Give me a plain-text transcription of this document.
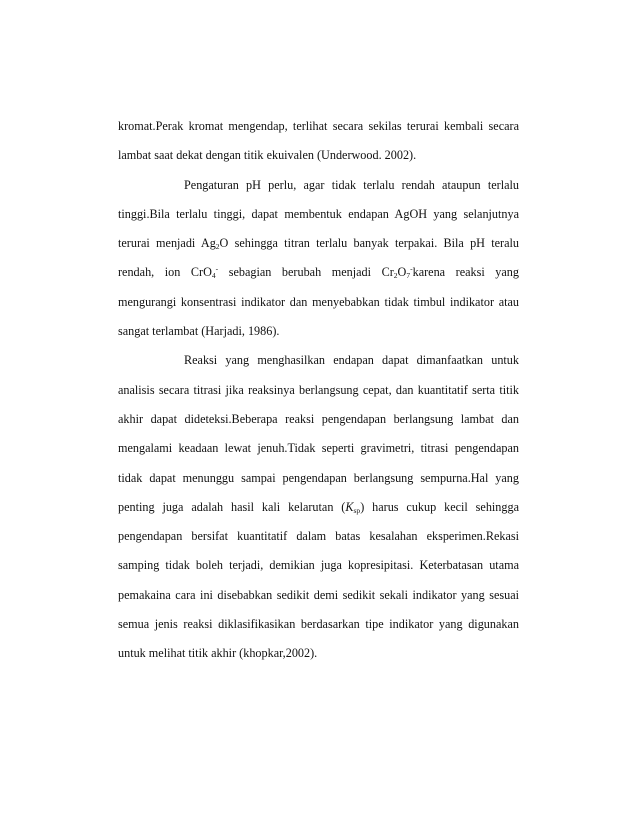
kromat.Perak kromat mengendap, terlihat secara sekilas terurai kembali secara lambat saat dekat dengan titik ekuivalen (Underwood. 2002).

Pengaturan pH perlu, agar tidak terlalu rendah ataupun terlalu tinggi.Bila terlalu tinggi, dapat membentuk endapan AgOH yang selanjutnya terurai menjadi $Ag_2O$ sehingga titran terlalu banyak terpakai. Bila pH teralu rendah, ion CrO$_4$- sebagian berubah menjadi $Cr_2O_7^-karena$ reaksi yang mengurangi konsentrasi indikator dan menyebabkan tidak timbul indikator atau sangat terlambat (Harjadi, 1986).

Reaksi yang menghasilkan endapan dapat dimanfaatkan untuk analisis secara titrasi jika reaksinya berlangsung cepat, dan kuantitatif serta titik akhir dapat dideteksi.Beberapa reaksi pengendapan berlangsung lambat dan mengalami keadaan lewat jenuh.Tidak seperti gravimetri, titrasi pengendapan tidak dapat menunggu sampai pengendapan berlangsung sempurna.Hal yang penting juga adalah hasil kali kelarutan $(K_{sp})$ harus cukup kecil sehingga pengendapan bersifat kuantitatif dalam batas kesalahan eksperimen.Rekasi samping tidak boleh terjadi, demikian juga kopresipitasi. Keterbatasan utama pemakaina cara ini disebabkan sedikit demi sedikit sekali indikator yang sesuai semua jenis reaksi diklasifikasikan berdasarkan tipe indikator yang digunakan untuk melihat titik akhir (khopkar,2002).
